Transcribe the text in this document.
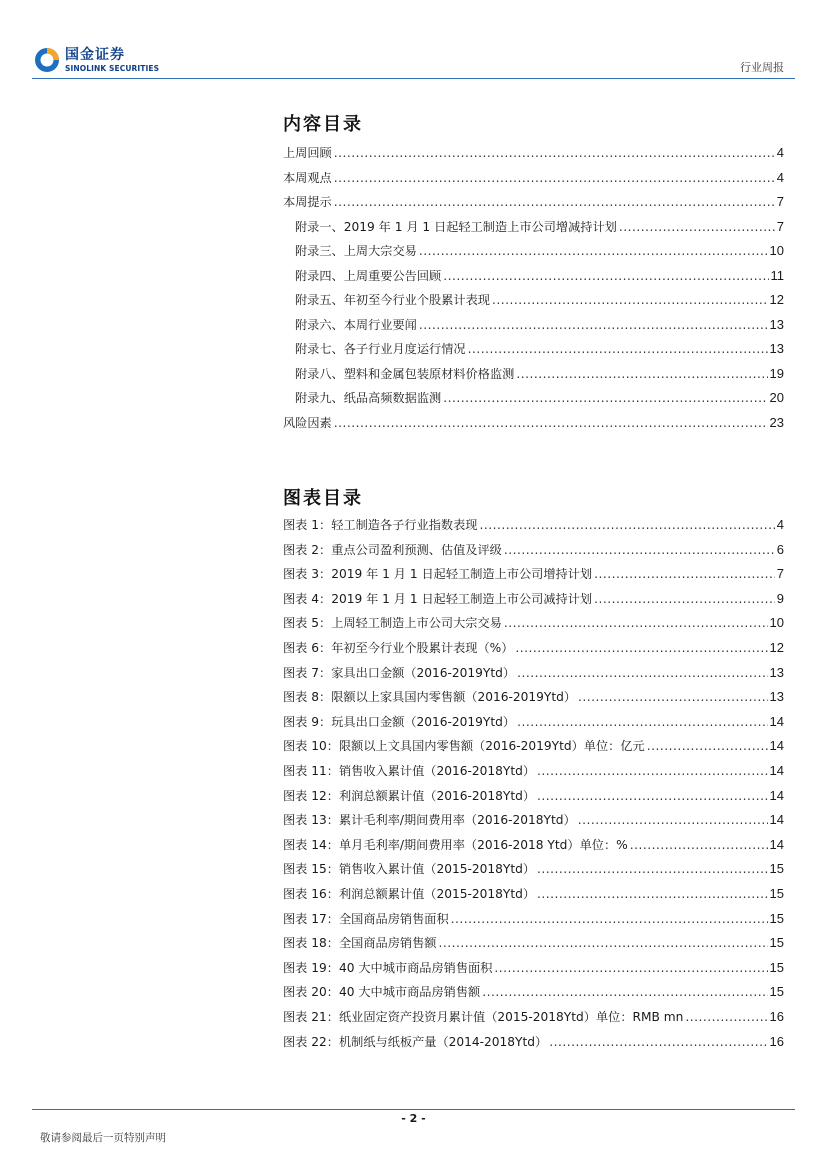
国金证券
SINOLINK SECURITIES	行业周报
内容目录
上周回顾 .....	4
本周观点 .....	4
本周提示 .....	7
附录一、2019 年 1 月 1 日起轻工制造上市公司增减持计划 .....	7
附录三、上周大宗交易 .....	10
附录四、上周重要公告回顾 .....	11
附录五、年初至今行业个股累计表现 .....	12
附录六、本周行业要闻 .....	13
附录七、各子行业月度运行情况 .....	13
附录八、塑料和金属包装原材料价格监测 .....	19
附录九、纸品高频数据监测 .....	20
风险因素 .....	23
图表目录
图表 1：轻工制造各子行业指数表现 .....	4
图表 2：重点公司盈利预测、估值及评级 .....	6
图表 3：2019 年 1 月 1 日起轻工制造上市公司增持计划 .....	7
图表 4：2019 年 1 月 1 日起轻工制造上市公司减持计划 .....	9
图表 5：上周轻工制造上市公司大宗交易 .....	10
图表 6：年初至今行业个股累计表现（%） .....	12
图表 7：家具出口金额（2016-2019Ytd） .....	13
图表 8：限额以上家具国内零售额（2016-2019Ytd） .....	13
图表 9：玩具出口金额（2016-2019Ytd） .....	14
图表 10：限额以上文具国内零售额（2016-2019Ytd）单位：亿元 .....	14
图表 11：销售收入累计值（2016-2018Ytd） .....	14
图表 12：利润总额累计值（2016-2018Ytd） .....	14
图表 13：累计毛利率/期间费用率（2016-2018Ytd） .....	14
图表 14：单月毛利率/期间费用率（2016-2018 Ytd）单位：% .....	14
图表 15：销售收入累计值（2015-2018Ytd） .....	15
图表 16：利润总额累计值（2015-2018Ytd） .....	15
图表 17：全国商品房销售面积 .....	15
图表 18：全国商品房销售额 .....	15
图表 19：40 大中城市商品房销售面积 .....	15
图表 20：40 大中城市商品房销售额 .....	15
图表 21：纸业固定资产投资月累计值（2015-2018Ytd）单位：RMB mn .....	16
图表 22：机制纸与纸板产量（2014-2018Ytd） .....	16
- 2 -
敬请参阅最后一页特别声明
